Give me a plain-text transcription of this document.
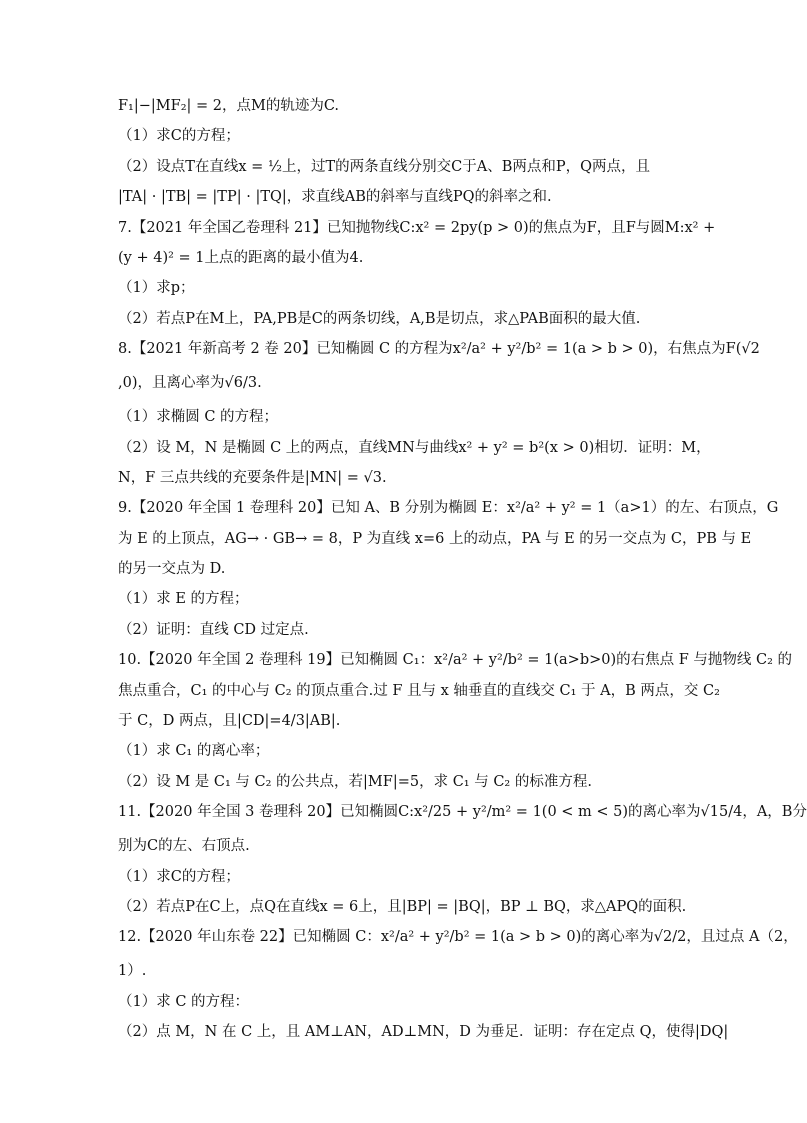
F₁|−|MF₂| = 2，点M的轨迹为C.
（1）求C的方程；
（2）设点T在直线x = ½上，过T的两条直线分别交C于A、B两点和P，Q两点，且
|TA| · |TB| = |TP| · |TQ|，求直线AB的斜率与直线PQ的斜率之和.
7.【2021 年全国乙卷理科 21】已知抛物线C:x² = 2py(p > 0)的焦点为F，且F与圆M:x² +
(y + 4)² = 1上点的距离的最小值为4.
（1）求p；
（2）若点P在M上，PA,PB是C的两条切线，A,B是切点，求△PAB面积的最大值.
8.【2021 年新高考 2 卷 20】已知椭圆 C 的方程为x²/a² + y²/b² = 1(a > b > 0)，右焦点为F(√2
,0)，且离心率为√6/3.
（1）求椭圆 C 的方程；
（2）设 M，N 是椭圆 C 上的两点，直线MN与曲线x² + y² = b²(x > 0)相切．证明：M，
N，F 三点共线的充要条件是|MN| = √3.
9.【2020 年全国 1 卷理科 20】已知 A、B 分别为椭圆 E：x²/a² + y² = 1（a>1）的左、右顶点，G
为 E 的上顶点，AG→ · GB→ = 8，P 为直线 x=6 上的动点，PA 与 E 的另一交点为 C，PB 与 E
的另一交点为 D.
（1）求 E 的方程；
（2）证明：直线 CD 过定点.
10.【2020 年全国 2 卷理科 19】已知椭圆 C₁：x²/a² + y²/b² = 1(a>b>0)的右焦点 F 与抛物线 C₂ 的
焦点重合，C₁ 的中心与 C₂ 的顶点重合.过 F 且与 x 轴垂直的直线交 C₁ 于 A，B 两点，交 C₂
于 C，D 两点，且|CD|=4/3|AB|.
（1）求 C₁ 的离心率；
（2）设 M 是 C₁ 与 C₂ 的公共点，若|MF|=5，求 C₁ 与 C₂ 的标准方程.
11.【2020 年全国 3 卷理科 20】已知椭圆C:x²/25 + y²/m² = 1(0 < m < 5)的离心率为√15/4，A，B分
别为C的左、右顶点.
（1）求C的方程；
（2）若点P在C上，点Q在直线x = 6上，且|BP| = |BQ|，BP ⊥ BQ，求△APQ的面积.
12.【2020 年山东卷 22】已知椭圆 C：x²/a² + y²/b² = 1(a > b > 0)的离心率为√2/2，且过点 A（2，
1）.
（1）求 C 的方程：
（2）点 M，N 在 C 上，且 AM⊥AN，AD⊥MN，D 为垂足．证明：存在定点 Q，使得|DQ|
